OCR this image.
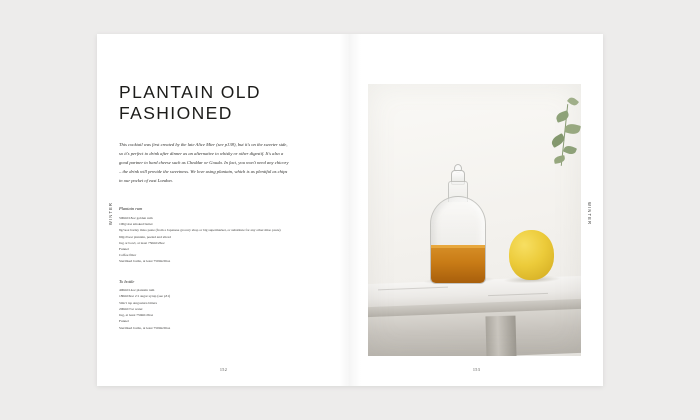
WINTER
PLANTAIN OLD FASHIONED

This cocktail was first created by the late Alice Mier (see p138), but it's on the sweeter side, so it's perfect to drink after dinner as an alternative to whisky or other digestif. It's also a good partner to hard cheese such as Cheddar or Gouda. In fact, you won't need any chicory – the drink will provide the sweetness. We love using plantain, which is as plentiful as chips in our pocket of east London.

Plantain rum

500ml/18oz golden rum

100g/4oz smoked butter

8g/¼oz barley miso paste (from a Japanese grocery shop or big supermarket, or substitute for any other miso paste)

60g/2¼oz plantain, peeled and sliced

Jug or bowl, at least 750ml/26oz

Funnel

Coffee filter

Sterilised bottle, at least 750ml/26oz

To bottle

400ml/14oz plantain rum

180ml/6oz 2:1 sugar syrup (see p31)

5ml/1 tsp Angostura bitters

200ml/7oz water

Jug, at least 750ml/26oz

Funnel

Sterilised bottle, at least 750ml/26oz

152
WINTER
153
